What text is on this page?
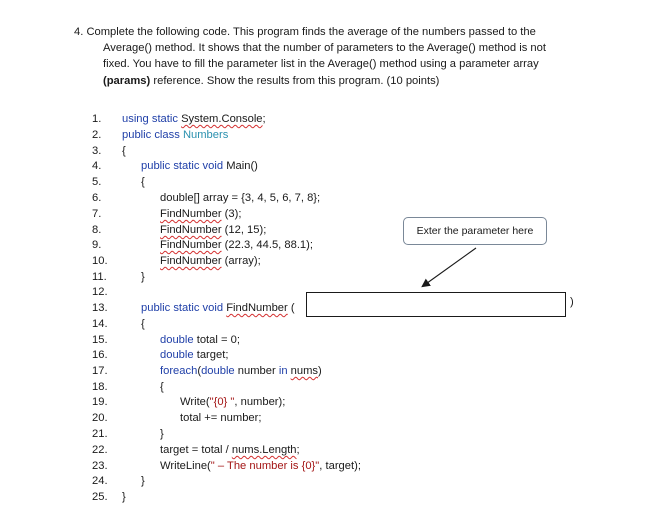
4. Complete the following code. This program finds the average of the numbers passed to the
Average() method. It shows that the number of parameters to the Average() method is not
fixed. You have to fill the parameter list in the Average() method using a parameter array
(params) reference. Show the results from this program. (10 points)
1.	using static System.Console;
2.	public class Numbers
3.	{
4.	public static void Main()
5.	{
6.	double[] array = {3, 4, 5, 6, 7, 8};
7.	FindNumber (3);
8.	FindNumber (12, 15);
9.	FindNumber (22.3, 44.5, 88.1);
10.	FindNumber (array);
11.	}
12.
13.	public static void FindNumber (
14.	{
15.	double total = 0;
16.	double target;
17.	foreach(double number in nums)
18.	{
19.	Write("{0} ", number);
20.	total += number;
21.	}
22.	target = total / nums.Length;
23.	WriteLine(" – The number is {0}", target);
24.	}
25.	}
)
Exter the parameter here
